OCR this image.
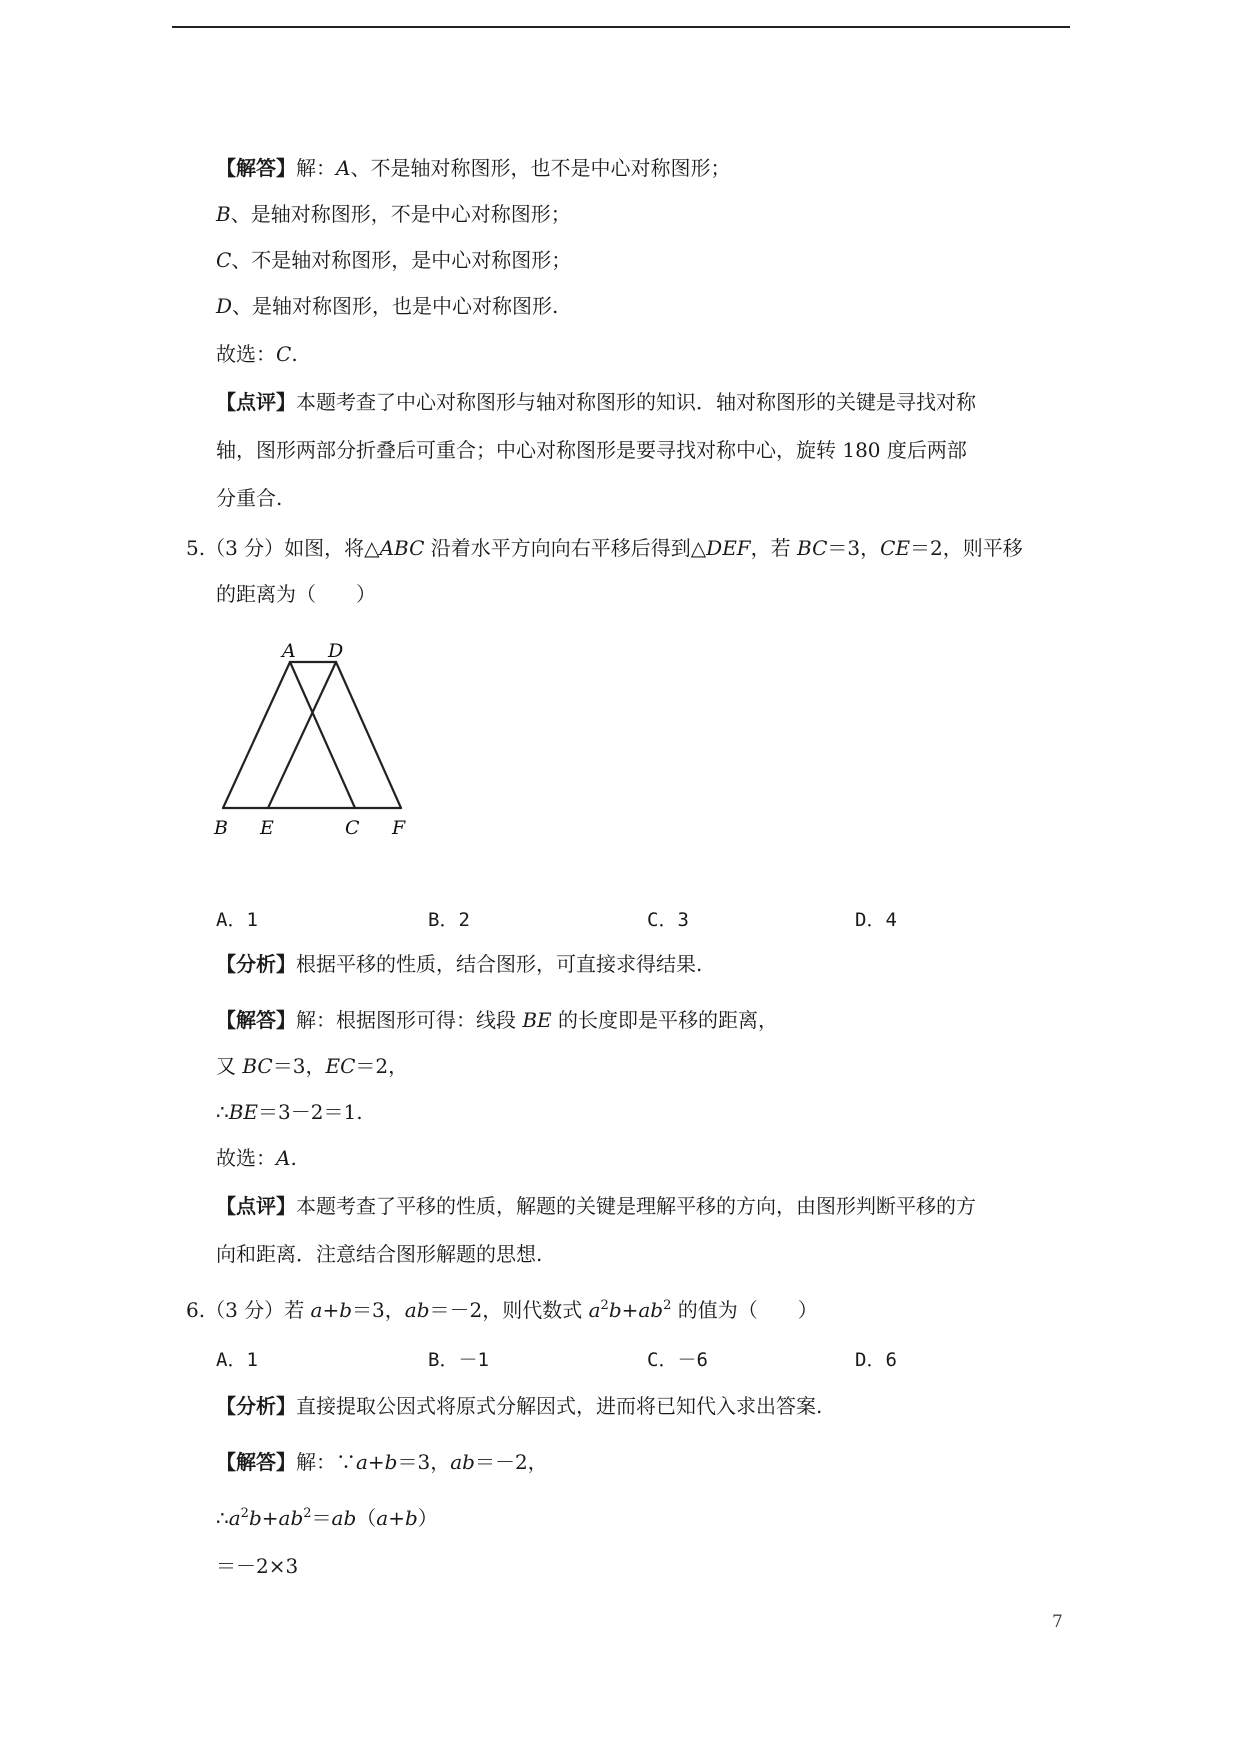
【解答】解：A、不是轴对称图形，也不是中心对称图形；
B、是轴对称图形，不是中心对称图形；
C、不是轴对称图形，是中心对称图形；
D、是轴对称图形，也是中心对称图形.
故选：C.
【点评】本题考查了中心对称图形与轴对称图形的知识．轴对称图形的关键是寻找对称
轴，图形两部分折叠后可重合；中心对称图形是要寻找对称中心，旋转 180 度后两部
分重合.
5.（3 分）如图，将△ABC 沿着水平方向向右平移后得到△DEF，若 BC＝3，CE＝2，则平移
的距离为（　　）
A D
B E	C F
A．1	B．2	C．3	D．4
【分析】根据平移的性质，结合图形，可直接求得结果.
【解答】解：根据图形可得：线段 BE 的长度即是平移的距离，
又 BC＝3，EC＝2，
∴BE＝3－2＝1.
故选：A.
【点评】本题考查了平移的性质，解题的关键是理解平移的方向，由图形判断平移的方
向和距离．注意结合图形解题的思想.
6.（3 分）若 a+b＝3，ab＝－2，则代数式 $a^2b+ab^2$ 的值为（　　）
A．1	B．－1	C．－6	D．6
【分析】直接提取公因式将原式分解因式，进而将已知代入求出答案.
【解答】解：∵a+b＝3，ab＝－2，
$\therefore a^2b+ab^2=ab(a+b)$
＝－2×3
7
